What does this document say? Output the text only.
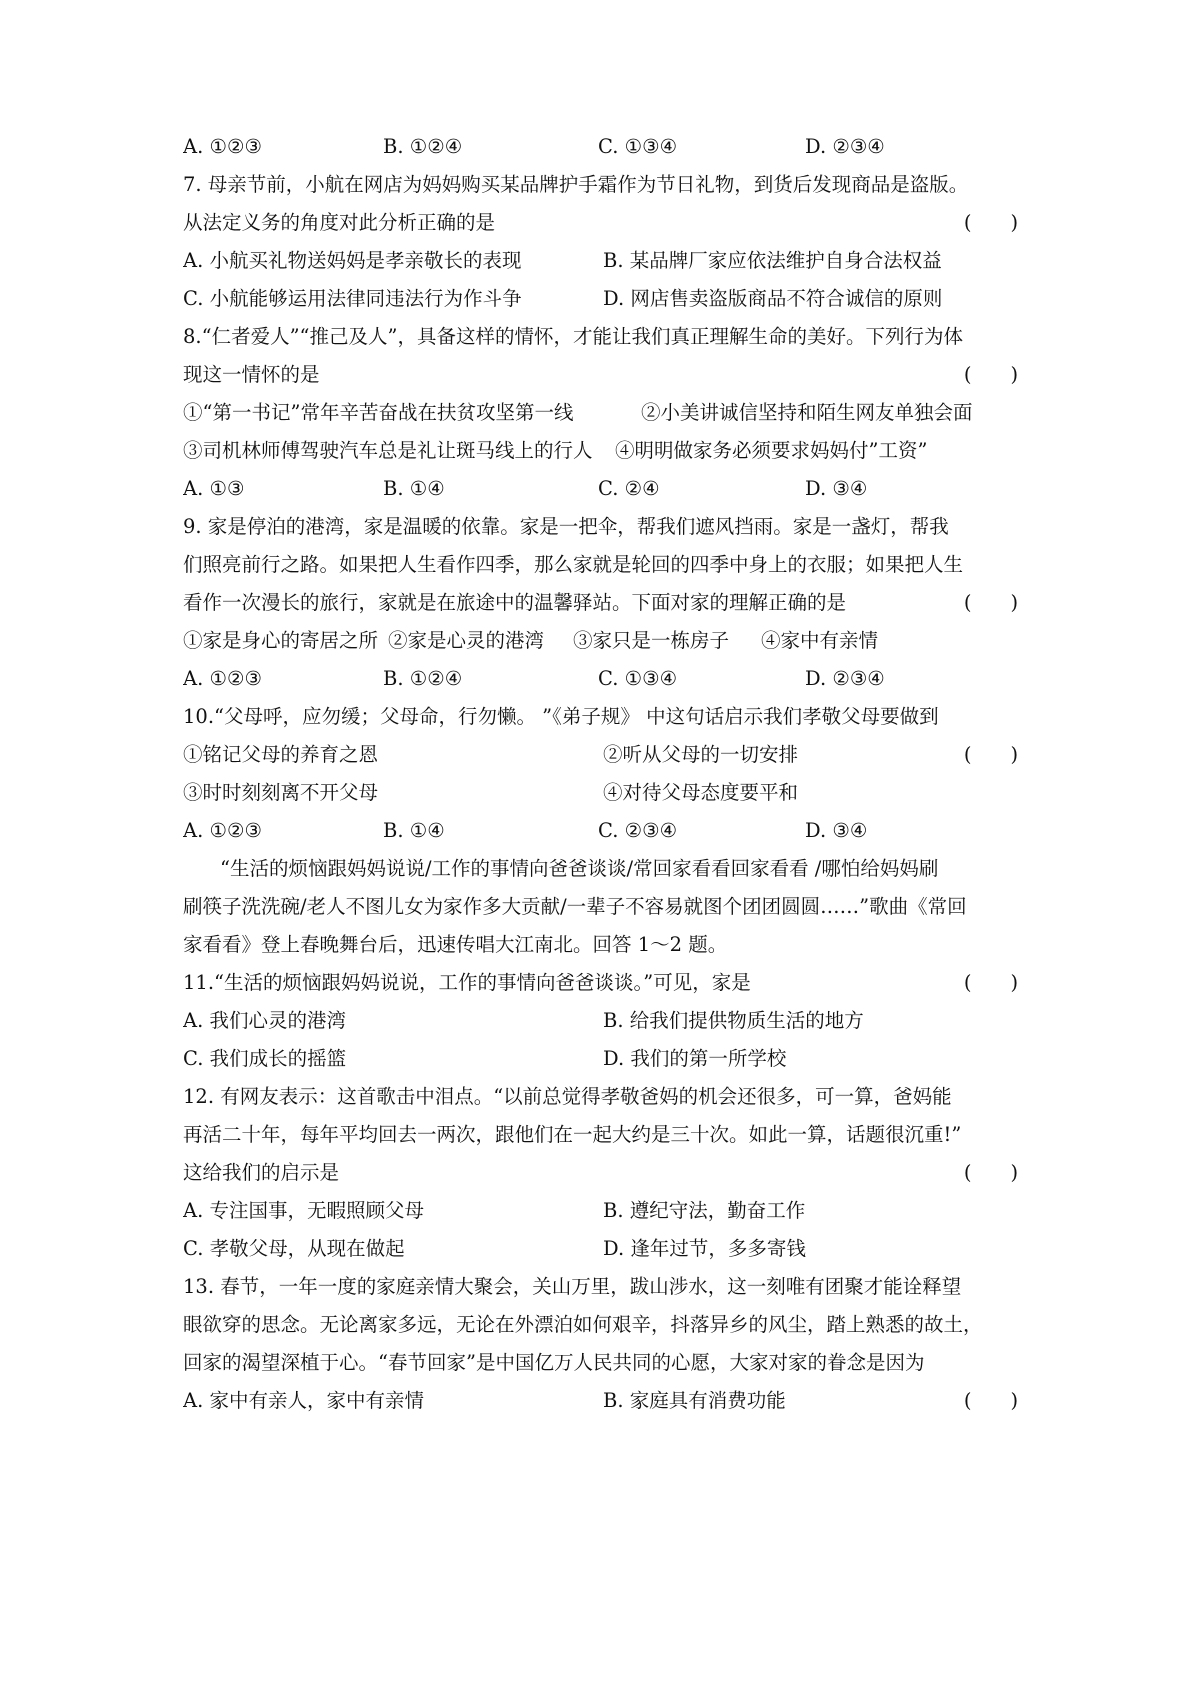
A. ①②③	B. ①②④	C. ①③④	D. ②③④
7. 母亲节前，小航在网店为妈妈购买某品牌护手霜作为节日礼物，到货后发现商品是盗版。
从法定义务的角度对此分析正确的是	(　　)
A. 小航买礼物送妈妈是孝亲敬长的表现	B. 某品牌厂家应依法维护自身合法权益
C. 小航能够运用法律同违法行为作斗争	D. 网店售卖盗版商品不符合诚信的原则
8.“仁者爱人”“推己及人”，具备这样的情怀，才能让我们真正理解生命的美好。下列行为体
现这一情怀的是	(　　)
①“第一书记”常年辛苦奋战在扶贫攻坚第一线	②小美讲诚信坚持和陌生网友单独会面
③司机林师傅驾驶汽车总是礼让斑马线上的行人 ④明明做家务必须要求妈妈付”工资”
A. ①③	B. ①④	C. ②④	D. ③④
9. 家是停泊的港湾，家是温暖的依靠。家是一把伞，帮我们遮风挡雨。家是一盏灯，帮我
们照亮前行之路。如果把人生看作四季，那么家就是轮回的四季中身上的衣服；如果把人生
看作一次漫长的旅行，家就是在旅途中的温馨驿站。下面对家的理解正确的是	(　　)
①家是身心的寄居之所 ②家是心灵的港湾 ③家只是一栋房子 ④家中有亲情
A. ①②③	B. ①②④	C. ①③④	D. ②③④
10.“父母呼，应勿缓；父母命，行勿懒。 ”《弟子规》 中这句话启示我们孝敬父母要做到
①铭记父母的养育之恩	②听从父母的一切安排	(　　)
③时时刻刻离不开父母	④对待父母态度要平和
A. ①②③	B. ①④	C. ②③④	D. ③④
“生活的烦恼跟妈妈说说/工作的事情向爸爸谈谈/常回家看看回家看看 /哪怕给妈妈刷
刷筷子洗洗碗/老人不图儿女为家作多大贡献/一辈子不容易就图个团团圆圆……”歌曲《常回
家看看》登上春晚舞台后，迅速传唱大江南北。回答 1～2 题。
11.“生活的烦恼跟妈妈说说，工作的事情向爸爸谈谈。”可见，家是	(　　)
A. 我们心灵的港湾	B. 给我们提供物质生活的地方
C. 我们成长的摇篮	D. 我们的第一所学校
12. 有网友表示：这首歌击中泪点。“以前总觉得孝敬爸妈的机会还很多，可一算，爸妈能
再活二十年，每年平均回去一两次，跟他们在一起大约是三十次。如此一算，话题很沉重!”
这给我们的启示是	(　　)
A. 专注国事，无暇照顾父母	B. 遵纪守法，勤奋工作
C. 孝敬父母，从现在做起	D. 逢年过节，多多寄钱
13. 春节，一年一度的家庭亲情大聚会，关山万里，跋山涉水，这一刻唯有团聚才能诠释望
眼欲穿的思念。无论离家多远，无论在外漂泊如何艰辛，抖落异乡的风尘，踏上熟悉的故土，
回家的渴望深植于心。“春节回家”是中国亿万人民共同的心愿，大家对家的眷念是因为
A. 家中有亲人，家中有亲情	B. 家庭具有消费功能	(　　)
